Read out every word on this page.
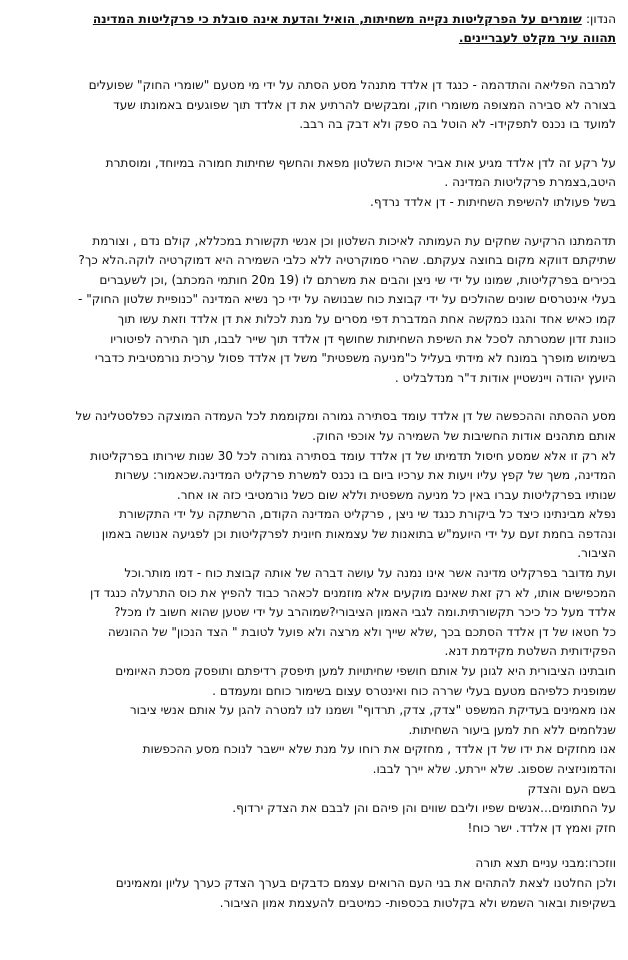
הנדון: שומרים על הפרקליטות נקייה משחיתות, הואיל והדעת אינה סובלת כי פרקליטות המדינה
תהווה עיר מקלט לעבריינים.
למרבה הפליאה והתדהמה - כנגד דן אלדד מתנהל מסע הסתה על ידי מי מטעם "שומרי החוק" שפועלים
בצורה לא סבירה המצופה משומרי חוק, ומבקשים להרתיע את דן אלדד תוך שפוגעים באמונתו שעד
למועד בו נכנס לתפקידו- לא הוטל בה ספק ולא דבק בה רבב.
על רקע זה לדן אלדד מגיע אות אביר איכות השלטון מפאת והחשף שחיתות חמורה במיוחד, ומוסתרת
היטב,בצמרת פרקליטות המדינה .
בשל פעולתו להשיפת השחיתות - דן אלדד נרדף.
תדהמתנו הרקיעה שחקים עת העמותה לאיכות השלטון וכן אנשי תקשורת במכללא, קולם נדם , וצורמת
שתיקתם דווקא מקום בחוצה צעקתם. שהרי סמוקרטיה ללא כלבי השמירה היא דמוקרטיה לוקה.הלא כך?
בכירים בפרקליטות, שמונו על ידי שי ניצן והבים את משרתם לו (19 מ20 חותמי המכתב) ,וכן לשעברים
בעלי אינטרסים שונים שהולכים על ידי קבוצת כוח שבנושה על ידי כך נשיא המדינה "כנופיית שלטון החוק" -
קמו כאיש אחד והגנו כמקשה אחת המדברת דפי מסרים על מנת לכלות את דן אלדד וזאת עשו תוך
כוונת זדון שמטרתה לסכל את השיפת השחיתות שחושף דן אלדד תוך שייר לבבו, תוך התירה לפיטוריו
בשימוש מופרך במונח לא מידתי בעליל כ"מניעה משפטית" משל דן אלדד פסול ערכית נורמטיבית כדברי
היועץ יהודה ויינשטיין אודות ד"ר מנדלבליט .
מסע ההסתה וההכפשה של דן אלדד עומד בסתירה גמורה ומקוממת לכל העמדה המוצקה כפלסטלינה של
אותם מתהנים אודות החשיבות של השמירה על אוכפי החוק.
לא רק זו אלא שמסע חיסול תדמיתו של דן אלדד עומד בסתירה גמורה לכל 30 שנות שירותו בפרקליטות
המדינה, משך של קפץ עליו ויעות את ערכיו ביום בו נכנס למשרת פרקליט המדינה.שכאמור: עשרות
שנותיו בפרקליטות עברו באין כל מניעה משפטית וללא שום כשל נורמטיבי כזה או אחר.
נפלא מבינתינו כיצד כל ביקורת כנגד שי ניצן , פרקליט המדינה הקודם, הרשתקה על ידי התקשורת
ונהדפה בחמת זעם על ידי היועמ"ש בתואנות של עצמאות חיונית לפרקליטות וכן לפגיעה אנושה באמון
הציבור.
ועת מדובר בפרקליט מדינה אשר אינו נמנה על עושה דברה של אותה קבוצת כוח - דמו מותר.וכל
המכפישים אותו, לא רק זאת שאינם מוקעים אלא מוזמנים לכאהר כבוד להפיץ את כוס התרעלה כנגד דן
אלדד מעל כל כיכר תקשורתית.ומה לגבי האמון הציבורי?שמוהרב על ידי שטען שהוא חשוב לו מכל?
כל חטאו של דן אלדד הסתכם בכך ,שלא שייך ולא מרצה ולא פועל לטובת " הצד הנכון" של ההונשה
הפקידותית השלטת מקידמת דנא.
חובתינו הציבורית היא לגונן על אותם חושפי שחיתויות למען תיפסק רדיפתם ותופסק מסכת האיומים
שמופנית כלפיהם מטעם בעלי שררה כוח ואינטרס עצום בשימור כוחם ומעמדם .
אנו מאמינים בעדיקת המשפט "צדק, צדק, תרדוף" ושמנו לנו למטרה להגן על אותם אנשי ציבור
שנלחמים ללא חת למען ביעור השחיתות.
אנו מחזקים את ידו של דן אלדד , מחזקים את רוחו על מנת שלא יישבר לנוכח מסע ההכפשות
והדמוניזציה שספוג. שלא יירתע. שלא יירך לבבו.
בשם העם והצדק
על החתומים...אנשים שפיו וליבם שווים והן פיהם והן לבבם את הצדק ירדוף.
חזק ואמץ דן אלדד. ישר כוח!
ווזכרו:מבני עניים תצא תורה
ולכן החלטנו לצאת להתהים את בני העם הרואים עצמם כדבקים בערך הצדק כערך עליון ומאמינים
בשקיפות ובאור השמש ולא בקלטות בכספות- כמיטבים להעצמת אמון הציבור.
